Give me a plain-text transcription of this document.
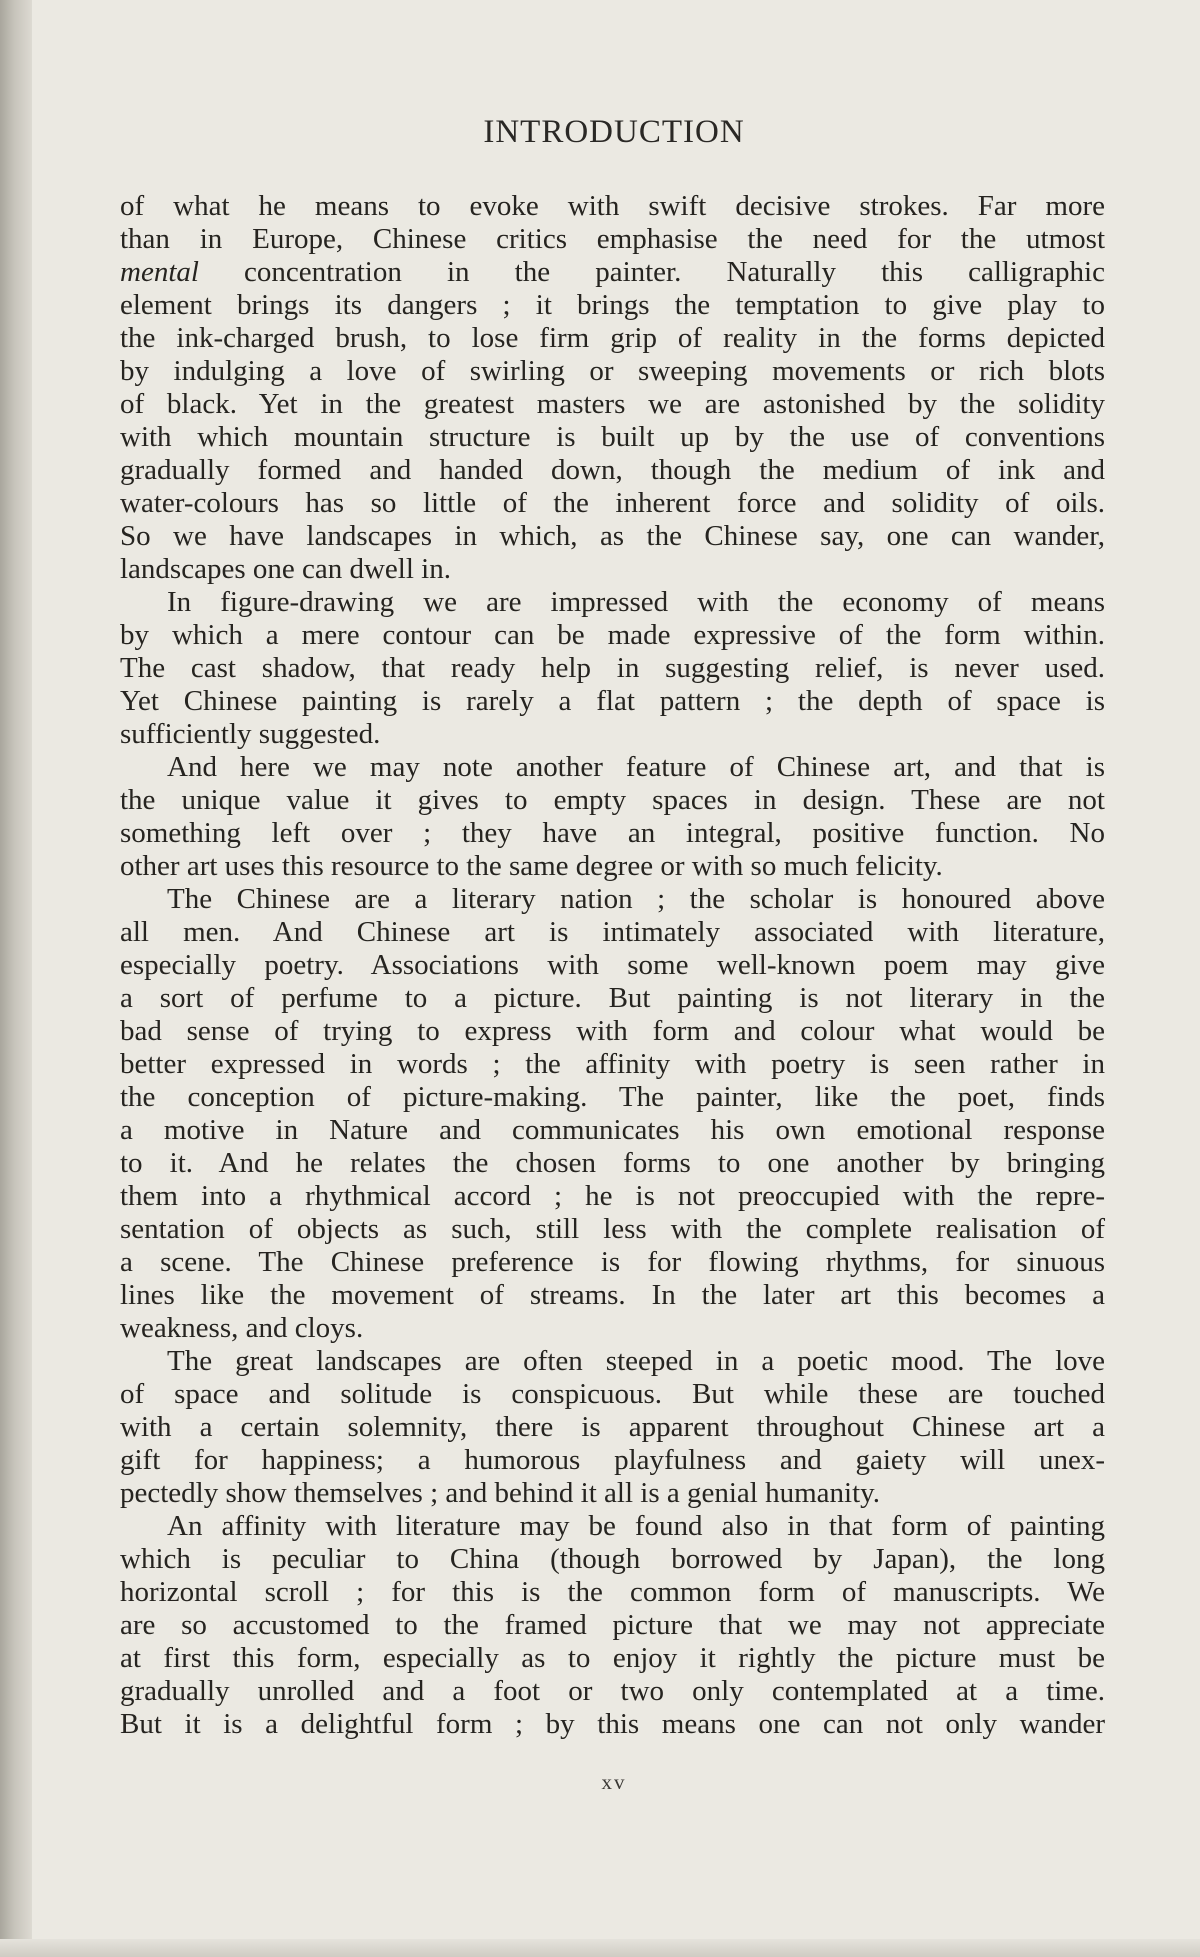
INTRODUCTION
of what he means to evoke with swift decisive strokes. Far more
than in Europe, Chinese critics emphasise the need for the utmost
mental concentration in the painter. Naturally this calligraphic
element brings its dangers ; it brings the temptation to give play to
the ink-charged brush, to lose firm grip of reality in the forms depicted
by indulging a love of swirling or sweeping movements or rich blots
of black. Yet in the greatest masters we are astonished by the solidity
with which mountain structure is built up by the use of conventions
gradually formed and handed down, though the medium of ink and
water-colours has so little of the inherent force and solidity of oils.
So we have landscapes in which, as the Chinese say, one can wander,
landscapes one can dwell in.
In figure-drawing we are impressed with the economy of means
by which a mere contour can be made expressive of the form within.
The cast shadow, that ready help in suggesting relief, is never used.
Yet Chinese painting is rarely a flat pattern ; the depth of space is
sufficiently suggested.
And here we may note another feature of Chinese art, and that is
the unique value it gives to empty spaces in design. These are not
something left over ; they have an integral, positive function. No
other art uses this resource to the same degree or with so much felicity.
The Chinese are a literary nation ; the scholar is honoured above
all men. And Chinese art is intimately associated with literature,
especially poetry. Associations with some well-known poem may give
a sort of perfume to a picture. But painting is not literary in the
bad sense of trying to express with form and colour what would be
better expressed in words ; the affinity with poetry is seen rather in
the conception of picture-making. The painter, like the poet, finds
a motive in Nature and communicates his own emotional response
to it. And he relates the chosen forms to one another by bringing
them into a rhythmical accord ; he is not preoccupied with the repre-
sentation of objects as such, still less with the complete realisation of
a scene. The Chinese preference is for flowing rhythms, for sinuous
lines like the movement of streams. In the later art this becomes a
weakness, and cloys.
The great landscapes are often steeped in a poetic mood. The love
of space and solitude is conspicuous. But while these are touched
with a certain solemnity, there is apparent throughout Chinese art a
gift for happiness; a humorous playfulness and gaiety will unex-
pectedly show themselves ; and behind it all is a genial humanity.
An affinity with literature may be found also in that form of painting
which is peculiar to China (though borrowed by Japan), the long
horizontal scroll ; for this is the common form of manuscripts. We
are so accustomed to the framed picture that we may not appreciate
at first this form, especially as to enjoy it rightly the picture must be
gradually unrolled and a foot or two only contemplated at a time.
But it is a delightful form ; by this means one can not only wander
xv
